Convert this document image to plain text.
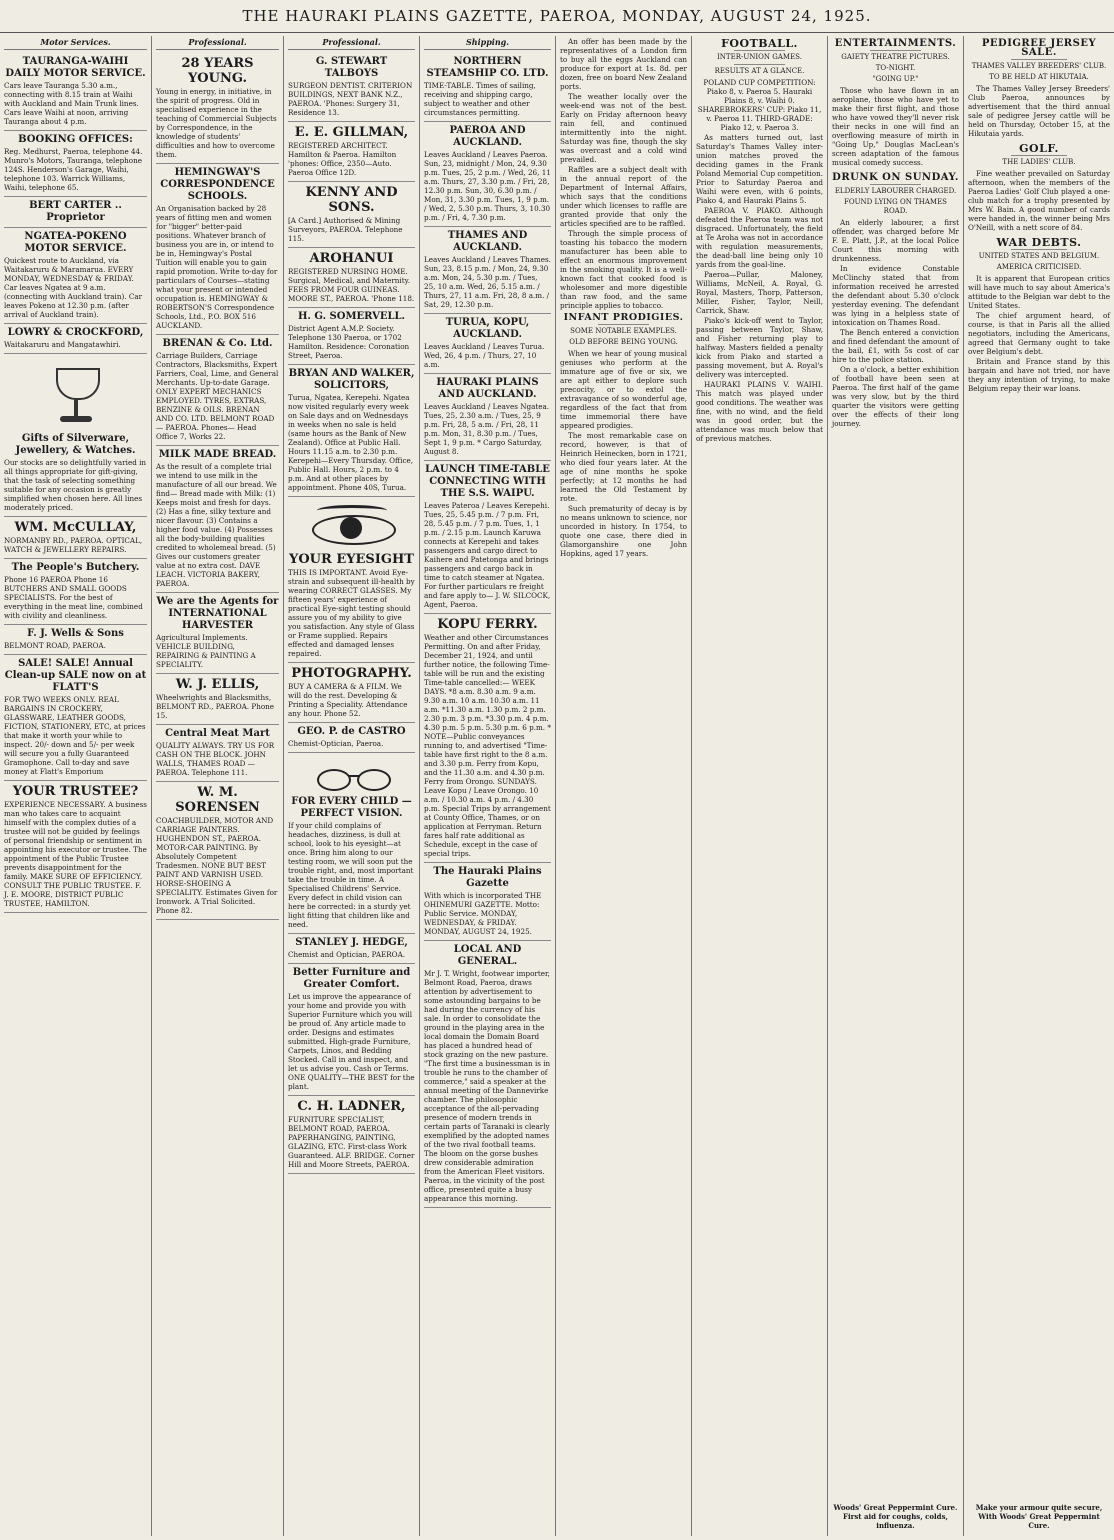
THE HAURAKI PLAINS GAZETTE, PAEROA, MONDAY, AUGUST 24, 1925.
Motor Services.
TAURANGA-WAIHI DAILY MOTOR SERVICE.

Cars leave Tauranga 5.30 a.m., connecting with 8.15 train at Waihi with Auckland and Main Trunk lines. Cars leave Waihi at noon, arriving Tauranga about 4 p.m.

BOOKING OFFICES:

Reg. Medhurst, Paeroa, telephone 44. Munro's Motors, Tauranga, telephone 124S. Henderson's Garage, Waihi, telephone 103. Warrick Williams, Waihi, telephone 65.

BERT CARTER .. Proprietor
NGATEA-POKENO MOTOR SERVICE.

Quickest route to Auckland, via Waitakaruru & Maramarua. EVERY MONDAY, WEDNESDAY & FRIDAY. Car leaves Ngatea at 9 a.m. (connecting with Auckland train). Car leaves Pokeno at 12.30 p.m. (after arrival of Auckland train).

LOWRY & CROCKFORD,

Waitakaruru and Mangatawhiri.

Gifts of Silverware, Jewellery, & Watches.

Our stocks are so delightfully varied in all things appropriate for gift-giving, that the task of selecting something suitable for any occasion is greatly simplified when chosen here. All lines moderately priced.

WM. McCULLAY,

NORMANBY RD., PAEROA. OPTICAL, WATCH & JEWELLERY REPAIRS.

The People's Butchery.

Phone 16 PAEROA Phone 16 BUTCHERS AND SMALL GOODS SPECIALISTS. For the best of everything in the meat line, combined with civility and cleanliness.

F. J. Wells & Sons

BELMONT ROAD, PAEROA.

SALE! SALE! Annual Clean-up SALE now on at FLATT'S

FOR TWO WEEKS ONLY. REAL BARGAINS IN CROCKERY, GLASSWARE, LEATHER GOODS, FICTION, STATIONERY, ETC, at prices that make it worth your while to inspect. 20/- down and 5/- per week will secure you a fully Guaranteed Gramophone. Call to-day and save money at Flatt's Emporium

YOUR TRUSTEE?

EXPERIENCE NECESSARY. A business man who takes care to acquaint himself with the complex duties of a trustee will not be guided by feelings of personal friendship or sentiment in appointing his executor or trustee. The appointment of the Public Trustee prevents disappointment for the family. MAKE SURE OF EFFICIENCY. CONSULT THE PUBLIC TRUSTEE. F. J. E. MOORE, DISTRICT PUBLIC TRUSTEE, HAMILTON.

Professional.
28 YEARS YOUNG.

Young in energy, in initiative, in the spirit of progress. Old in specialised experience in the teaching of Commercial Subjects by Correspondence, in the knowledge of students' difficulties and how to overcome them.

HEMINGWAY'S CORRESPONDENCE SCHOOLS.

An Organisation backed by 28 years of fitting men and women for "bigger" better-paid positions. Whatever branch of business you are in, or intend to be in, Hemingway's Postal Tuition will enable you to gain rapid promotion. Write to-day for particulars of Courses—stating what your present or intended occupation is. HEMINGWAY & ROBERTSON'S Correspondence Schools, Ltd., P.O. BOX 516 AUCKLAND.

BRENAN & Co. Ltd.

Carriage Builders, Carriage Contractors, Blacksmiths, Expert Farriers, Coal, Lime, and General Merchants. Up-to-date Garage. ONLY EXPERT MECHANICS EMPLOYED. TYRES, EXTRAS, BENZINE & OILS. BRENAN AND CO. LTD. BELMONT ROAD — PAEROA. Phones— Head Office 7, Works 22.

MILK MADE BREAD.

As the result of a complete trial we intend to use milk in the manufacture of all our bread. We find— Bread made with Milk: (1) Keeps moist and fresh for days. (2) Has a fine, silky texture and nicer flavour. (3) Contains a higher food value. (4) Possesses all the body-building qualities credited to wholemeal bread. (5) Gives our customers greater value at no extra cost. DAVE LEACH. VICTORIA BAKERY, PAEROA.

We are the Agents for INTERNATIONAL HARVESTER

Agricultural Implements. VEHICLE BUILDING, REPAIRING & PAINTING A SPECIALITY.

W. J. ELLIS,

Wheelwrights and Blacksmiths, BELMONT RD., PAEROA. Phone 15.

Central Meat Mart

QUALITY ALWAYS. TRY US FOR CASH ON THE BLOCK. JOHN WALLS, THAMES ROAD — PAEROA. Telephone 111.

W. M. SORENSEN

COACHBUILDER, MOTOR AND CARRIAGE PAINTERS. HUGHENDON ST., PAEROA. MOTOR-CAR PAINTING. By Absolutely Competent Tradesmen. NONE BUT BEST PAINT AND VARNISH USED. HORSE-SHOEING A SPECIALITY. Estimates Given for Ironwork. A Trial Solicited. Phone 82.

Professional.
G. STEWART TALBOYS

SURGEON DENTIST. CRITERION BUILDINGS, NEXT BANK N.Z., PAEROA. 'Phones: Surgery 31, Residence 13.

E. E. GILLMAN,

REGISTERED ARCHITECT. Hamilton & Paeroa. Hamilton 'phones: Office, 2350—Auto. Paeroa Office 12D.

KENNY AND SONS.

[A Card.] Authorised & Mining Surveyors, PAEROA. Telephone 115.

AROHANUI

REGISTERED NURSING HOME. Surgical, Medical, and Maternity. FEES FROM FOUR GUINEAS. MOORE ST., PAEROA. 'Phone 118.

H. G. SOMERVELL.

District Agent A.M.P. Society. Telephone 130 Paeroa, or 1702 Hamilton. Residence: Coronation Street, Paeroa.

BRYAN AND WALKER, SOLICITORS,

Turua, Ngatea, Kerepehi. Ngatea now visited regularly every week on Sale days and on Wednesdays in weeks when no sale is held (same hours as the Bank of New Zealand). Office at Public Hall. Hours 11.15 a.m. to 2.30 p.m. Kerepehi—Every Thursday. Office, Public Hall. Hours, 2 p.m. to 4 p.m. And at other places by appointment. Phone 40S, Turua.

YOUR EYESIGHT

THIS IS IMPORTANT. Avoid Eye-strain and subsequent ill-health by wearing CORRECT GLASSES. My fifteen years' experience of practical Eye-sight testing should assure you of my ability to give you satisfaction. Any style of Glass or Frame supplied. Repairs effected and damaged lenses repaired.

PHOTOGRAPHY.

BUY A CAMERA & A FILM. We will do the rest. Developing & Printing a Speciality. Attendance any hour. Phone 52.

GEO. P. de CASTRO

Chemist-Optician, Paeroa.

FOR EVERY CHILD —PERFECT VISION.

If your child complains of headaches, dizziness, is dull at school, look to his eyesight—at once. Bring him along to our testing room, we will soon put the trouble right, and, most important take the trouble in time. A Specialised Childrens' Service. Every defect in child vision can here be corrected: in a sturdy yet light fitting that children like and need.

STANLEY J. HEDGE,

Chemist and Optician, PAEROA.

Better Furniture and Greater Comfort.

Let us improve the appearance of your home and provide you with Superior Furniture which you will be proud of. Any article made to order. Designs and estimates submitted. High-grade Furniture, Carpets, Linos, and Bedding Stocked. Call in and inspect, and let us advise you. Cash or Terms. ONE QUALITY—THE BEST for the plant.

C. H. LADNER,

FURNITURE SPECIALIST, BELMONT ROAD, PAEROA. PAPERHANGING, PAINTING, GLAZING, ETC. First-class Work Guaranteed. ALF. BRIDGE. Corner Hill and Moore Streets, PAEROA.

Shipping.
NORTHERN STEAMSHIP CO. LTD.

TIME-TABLE. Times of sailing, receiving and shipping cargo, subject to weather and other circumstances permitting.

PAEROA AND AUCKLAND.

Leaves Auckland / Leaves Paeroa. Sun, 23, midnight / Mon, 24, 9.30 p.m. Tues, 25, 2 p.m. / Wed, 26, 11 a.m. Thurs, 27, 3.30 p.m. / Fri, 28, 12.30 p.m. Sun, 30, 6.30 p.m. / Mon, 31, 3.30 p.m. Tues, 1, 9 p.m. / Wed, 2, 5.30 p.m. Thurs, 3, 10.30 p.m. / Fri, 4, 7.30 p.m.

THAMES AND AUCKLAND.

Leaves Auckland / Leaves Thames. Sun, 23, 8.15 p.m. / Mon, 24, 9.30 a.m. Mon, 24, 5.30 p.m. / Tues, 25, 10 a.m. Wed, 26, 5.15 a.m. / Thurs, 27, 11 a.m. Fri, 28, 8 a.m. / Sat, 29, 12.30 p.m.

TURUA, KOPU, AUCKLAND.

Leaves Auckland / Leaves Turua. Wed, 26, 4 p.m. / Thurs, 27, 10 a.m.

HAURAKI PLAINS AND AUCKLAND.

Leaves Auckland / Leaves Ngatea. Tues, 25, 2.30 a.m. / Tues, 25, 9 p.m. Fri, 28, 5 a.m. / Fri, 28, 11 p.m. Mon, 31, 8.30 p.m. / Tues, Sept 1, 9 p.m. * Cargo Saturday, August 8.

LAUNCH TIME-TABLE CONNECTING WITH THE S.S. WAIPU.

Leaves Pateroa / Leaves Kerepehi. Tues, 25, 5.45 p.m. / 7 p.m. Fri, 28, 5.45 p.m. / 7 p.m. Tues, 1, 1 p.m. / 2.15 p.m. Launch Karuwa connects at Kerepehi and takes passengers and cargo direct to Kaihere and Patetonga and brings passengers and cargo back in time to catch steamer at Ngatea. For further particulars re freight and fare apply to— J. W. SILCOCK, Agent, Paeroa.

KOPU FERRY.

Weather and other Circumstances Permitting. On and after Friday, December 21, 1924, and until further notice, the following Time-table will be run and the existing Time-table cancelled:— WEEK DAYS. *8 a.m. 8.30 a.m. 9 a.m. 9.30 a.m. 10 a.m. 10.30 a.m. 11 a.m. *11.30 a.m. 1.30 p.m. 2 p.m. 2.30 p.m. 3 p.m. *3.30 p.m. 4 p.m. 4.30 p.m. 5 p.m. 5.30 p.m. 6 p.m. * NOTE—Public conveyances running to, and advertised "Time-table have first right to the 8 a.m. and 3.30 p.m. Ferry from Kopu, and the 11.30 a.m. and 4.30 p.m. Ferry from Orongo. SUNDAYS. Leave Kopu / Leave Orongo. 10 a.m. / 10.30 a.m. 4 p.m. / 4.30 p.m. Special Trips by arrangement at County Office, Thames, or on application at Ferryman. Return fares half rate additional as Schedule, except in the case of special trips.

The Hauraki Plains Gazette

With which is incorporated THE OHINEMURI GAZETTE. Motto: Public Service. MONDAY, WEDNESDAY, & FRIDAY. MONDAY, AUGUST 24, 1925.

LOCAL AND GENERAL.

Mr J. T. Wright, footwear importer, Belmont Road, Paeroa, draws attention by advertisement to some astounding bargains to be had during the currency of his sale. In order to consolidate the ground in the playing area in the local domain the Domain Board has placed a hundred head of stock grazing on the new pasture. "The first time a businessman is in trouble he runs to the chamber of commerce," said a speaker at the annual meeting of the Dannevirke chamber. The philosophic acceptance of the all-pervading presence of modern trends in certain parts of Taranaki is clearly exemplified by the adopted names of the two rival football teams. The bloom on the gorse bushes drew considerable admiration from the American Fleet visitors. Paeroa, in the vicinity of the post office, presented quite a busy appearance this morning.

An offer has been made by the representatives of a London firm to buy all the eggs Auckland can produce for export at 1s. 8d. per dozen, free on board New Zealand ports.

The weather locally over the week-end was not of the best. Early on Friday afternoon heavy rain fell, and continued intermittently into the night. Saturday was fine, though the sky was overcast and a cold wind prevailed.

Raffles are a subject dealt with in the annual report of the Department of Internal Affairs, which says that the conditions under which licenses to raffle are granted provide that only the articles specified are to be raffled.

Through the simple process of toasting his tobacco the modern manufacturer has been able to effect an enormous improvement in the smoking quality. It is a well-known fact that cooked food is wholesomer and more digestible than raw food, and the same principle applies to tobacco.

INFANT PRODIGIES.
SOME NOTABLE EXAMPLES.
OLD BEFORE BEING YOUNG.

When we hear of young musical geniuses who perform at the immature age of five or six, we are apt either to deplore such precocity, or to extol the extravagance of so wonderful age, regardless of the fact that from time immemorial there have appeared prodigies.

The most remarkable case on record, however, is that of Heinrich Heinecken, born in 1721, who died four years later. At the age of nine months he spoke perfectly; at 12 months he had learned the Old Testament by rote.

Such prematurity of decay is by no means unknown to science, nor uncorded in history. In 1754, to quote one case, there died in Glamorganshire one John Hopkins, aged 17 years.

FOOTBALL.
INTER-UNION GAMES.
RESULTS AT A GLANCE.

POLAND CUP COMPETITION: Piako 8, v. Paeroa 5. Hauraki Plains 8, v. Waihi 0. SHAREBROKERS' CUP: Piako 11, v. Paeroa 11. THIRD-GRADE: Piako 12, v. Paeroa 3.

As matters turned out, last Saturday's Thames Valley inter-union matches proved the deciding games in the Frank Poland Memorial Cup competition. Prior to Saturday Paeroa and Waihi were even, with 6 points, Piako 4, and Hauraki Plains 5.

PAEROA V. PIAKO. Although defeated the Paeroa team was not disgraced. Unfortunately, the field at Te Aroha was not in accordance with regulation measurements, the dead-ball line being only 10 yards from the goal-line.

Paeroa—Pullar, Maloney, Williams, McNeil, A. Royal, G. Royal, Masters, Thorp, Patterson, Miller, Fisher, Taylor, Neill, Carrick, Shaw.

Piako's kick-off went to Taylor, passing between Taylor, Shaw, and Fisher returning play to halfway. Masters fielded a penalty kick from Piako and started a passing movement, but A. Royal's delivery was intercepted.

HAURAKI PLAINS V. WAIHI. This match was played under good conditions. The weather was fine, with no wind, and the field was in good order, but the attendance was much below that of previous matches.

ENTERTAINMENTS.
GAIETY THEATRE PICTURES.
TO-NIGHT.
"GOING UP."

Those who have flown in an aeroplane, those who have yet to make their first flight, and those who have vowed they'll never risk their necks in one will find an overflowing measure of mirth in "Going Up," Douglas MacLean's screen adaptation of the famous musical comedy success.

DRUNK ON SUNDAY.
ELDERLY LABOURER CHARGED.
FOUND LYING ON THAMES ROAD.

An elderly labourer, a first offender, was charged before Mr F. E. Platt, J.P., at the local Police Court this morning with drunkenness.

In evidence Constable McClinchy stated that from information received he arrested the defendant about 5.30 o'clock yesterday evening. The defendant was lying in a helpless state of intoxication on Thames Road.

The Bench entered a conviction and fined defendant the amount of the bail, £1, with 5s cost of car hire to the police station.

On a o'clock, a better exhibition of football have been seen at Paeroa. The first half of the game was very slow, but by the third quarter the visitors were getting over the effects of their long journey.

Woods' Great Peppermint Cure. First aid for coughs, colds, influenza.
PEDIGREE JERSEY SALE.
THAMES VALLEY BREEDERS' CLUB.
TO BE HELD AT HIKUTAIA.

The Thames Valley Jersey Breeders' Club Paeroa, announces by advertisement that the third annual sale of pedigree Jersey cattle will be held on Thursday, October 15, at the Hikutaia yards.

GOLF.
THE LADIES' CLUB.

Fine weather prevailed on Saturday afternoon, when the members of the Paeroa Ladies' Golf Club played a one-club match for a trophy presented by Mrs W. Bain. A good number of cards were handed in, the winner being Mrs O'Neill, with a nett score of 84.

WAR DEBTS.
UNITED STATES AND BELGIUM.
AMERICA CRITICISED.

It is apparent that European critics will have much to say about America's attitude to the Belgian war debt to the United States.

The chief argument heard, of course, is that in Paris all the allied negotiators, including the Americans, agreed that Germany ought to take over Belgium's debt.

Britain and France stand by this bargain and have not tried, nor have they any intention of trying, to make Belgium repay their war loans.

Make your armour quite secure, With Woods' Great Peppermint Cure.
